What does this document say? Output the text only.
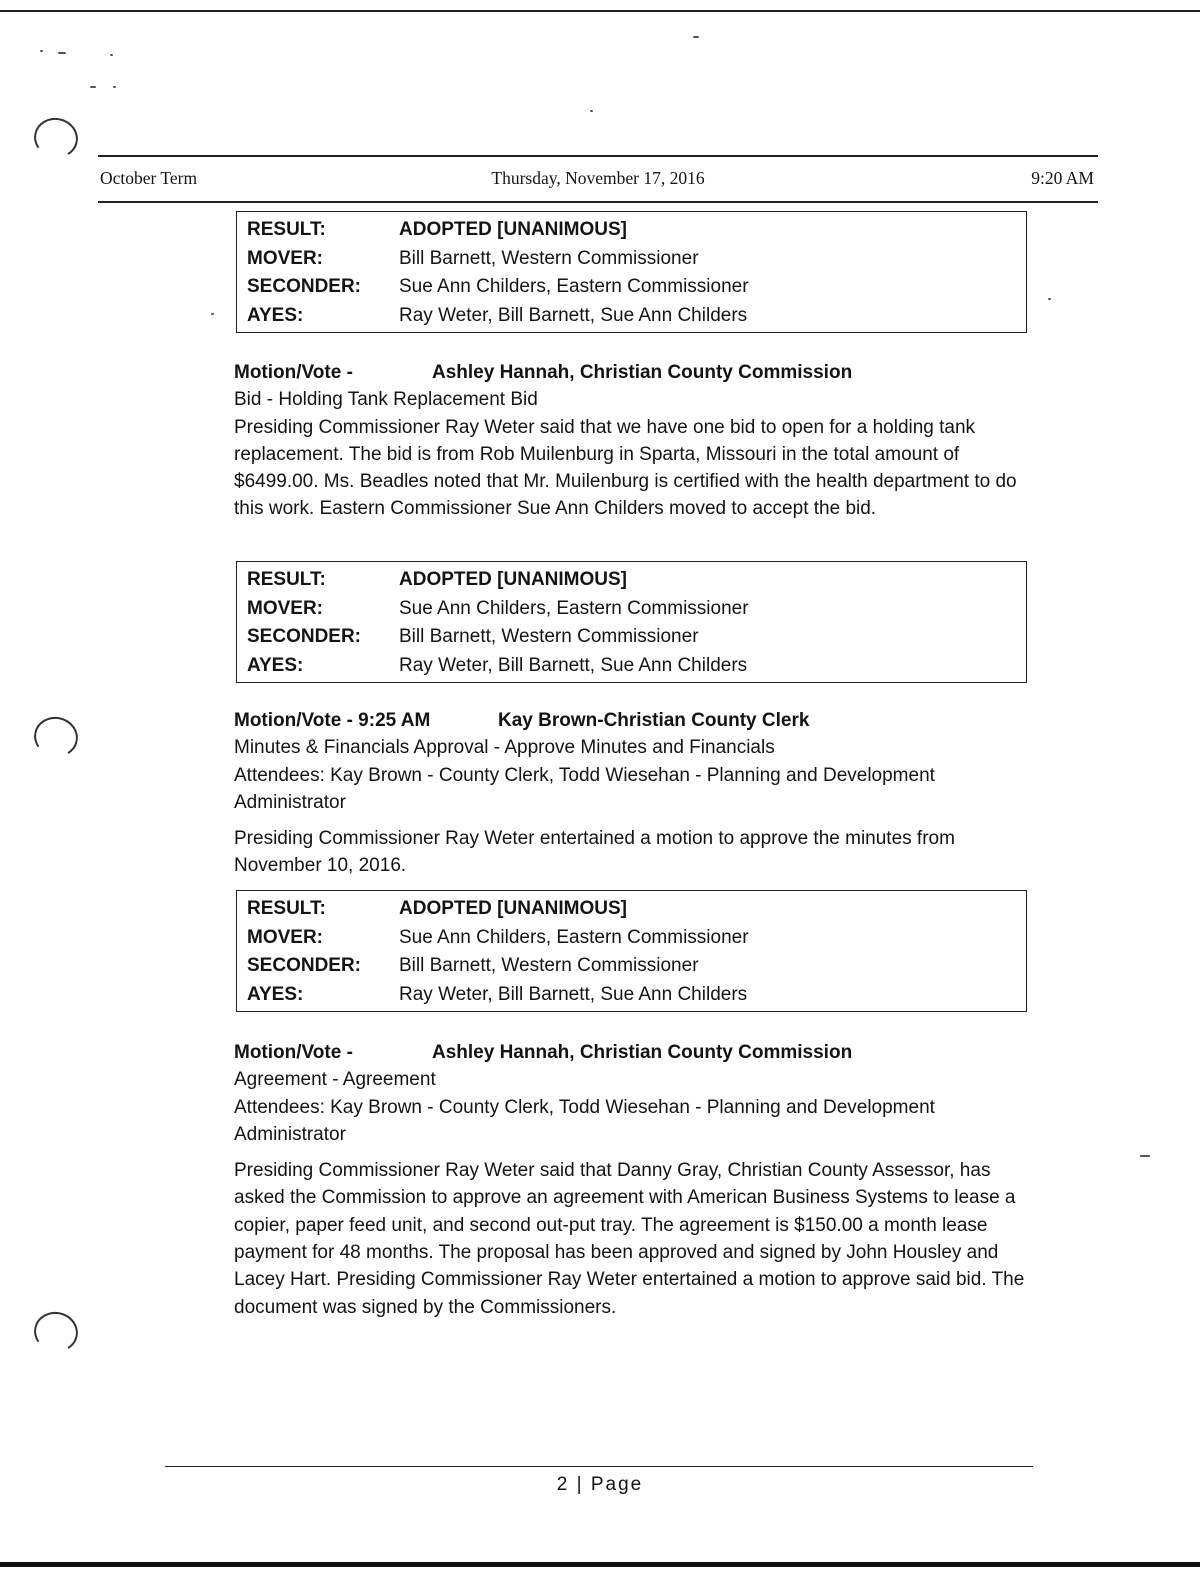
October Term	Thursday, November 17, 2016	9:20 AM
RESULT:	ADOPTED [UNANIMOUS]
MOVER:	Bill Barnett, Western Commissioner
SECONDER:	Sue Ann Childers, Eastern Commissioner
AYES:	Ray Weter, Bill Barnett, Sue Ann Childers

Motion/Vote -	Ashley Hannah, Christian County Commission

Bid - Holding Tank Replacement Bid

Presiding Commissioner Ray Weter said that we have one bid to open for a holding tank replacement. The bid is from Rob Muilenburg in Sparta, Missouri in the total amount of $6499.00. Ms. Beadles noted that Mr. Muilenburg is certified with the health department to do this work. Eastern Commissioner Sue Ann Childers moved to accept the bid.

RESULT:	ADOPTED [UNANIMOUS]
MOVER:	Sue Ann Childers, Eastern Commissioner
SECONDER:	Bill Barnett, Western Commissioner
AYES:	Ray Weter, Bill Barnett, Sue Ann Childers

Motion/Vote - 9:25 AM	Kay Brown-Christian County Clerk

Minutes & Financials Approval - Approve Minutes and Financials

Attendees: Kay Brown - County Clerk, Todd Wiesehan - Planning and Development Administrator

Presiding Commissioner Ray Weter entertained a motion to approve the minutes from November 10, 2016.

RESULT:	ADOPTED [UNANIMOUS]
MOVER:	Sue Ann Childers, Eastern Commissioner
SECONDER:	Bill Barnett, Western Commissioner
AYES:	Ray Weter, Bill Barnett, Sue Ann Childers

Motion/Vote -	Ashley Hannah, Christian County Commission

Agreement - Agreement

Attendees: Kay Brown - County Clerk, Todd Wiesehan - Planning and Development Administrator

Presiding Commissioner Ray Weter said that Danny Gray, Christian County Assessor, has asked the Commission to approve an agreement with American Business Systems to lease a copier, paper feed unit, and second out-put tray. The agreement is $150.00 a month lease payment for 48 months. The proposal has been approved and signed by John Housley and Lacey Hart. Presiding Commissioner Ray Weter entertained a motion to approve said bid. The document was signed by the Commissioners.

2 | Page
